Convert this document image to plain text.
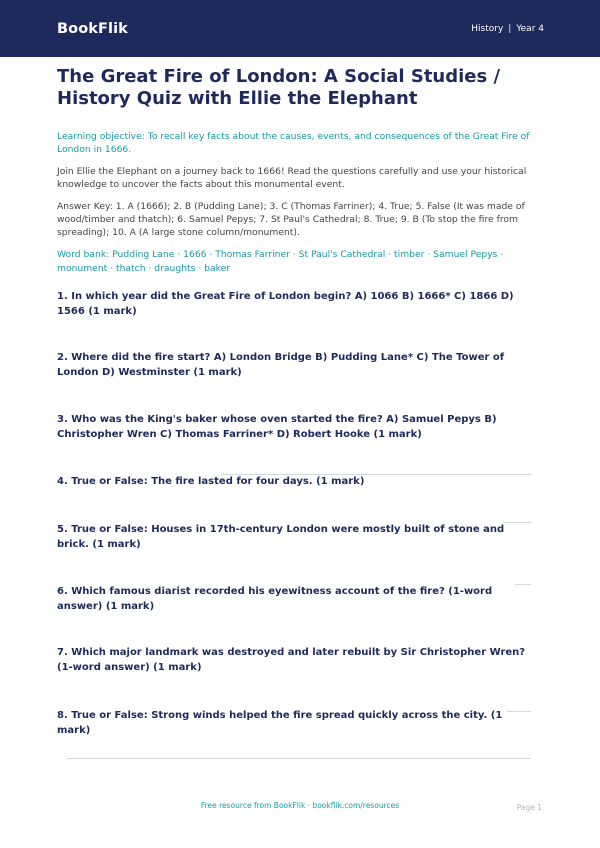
BookFlik	History | Year 4
The Great Fire of London: A Social Studies / History Quiz with Ellie the Elephant

Learning objective: To recall key facts about the causes, events, and consequences of the Great Fire of London in 1666.

Join Ellie the Elephant on a journey back to 1666! Read the questions carefully and use your historical knowledge to uncover the facts about this monumental event.

Answer Key: 1. A (1666); 2. B (Pudding Lane); 3. C (Thomas Farriner); 4. True; 5. False (It was made of wood/timber and thatch); 6. Samuel Pepys; 7. St Paul's Cathedral; 8. True; 9. B (To stop the fire from spreading); 10. A (A large stone column/monument).

Word bank: Pudding Lane · 1666 · Thomas Farriner · St Paul's Cathedral · timber · Samuel Pepys · monument · thatch · draughts · baker

1. In which year did the Great Fire of London begin? A) 1066 B) 1666* C) 1866 D) 1566 (1 mark)
2. Where did the fire start? A) London Bridge B) Pudding Lane* C) The Tower of London D) Westminster (1 mark)
3. Who was the King's baker whose oven started the fire? A) Samuel Pepys B) Christopher Wren C) Thomas Farriner* D) Robert Hooke (1 mark)
4. True or False: The fire lasted for four days. (1 mark)
5. True or False: Houses in 17th-century London were mostly built of stone and brick. (1 mark)
6. Which famous diarist recorded his eyewitness account of the fire? (1-word answer) (1 mark)
7. Which major landmark was destroyed and later rebuilt by Sir Christopher Wren? (1-word answer) (1 mark)
8. True or False: Strong winds helped the fire spread quickly across the city. (1 mark)
Free resource from BookFlik · bookflik.com/resources	Page 1
